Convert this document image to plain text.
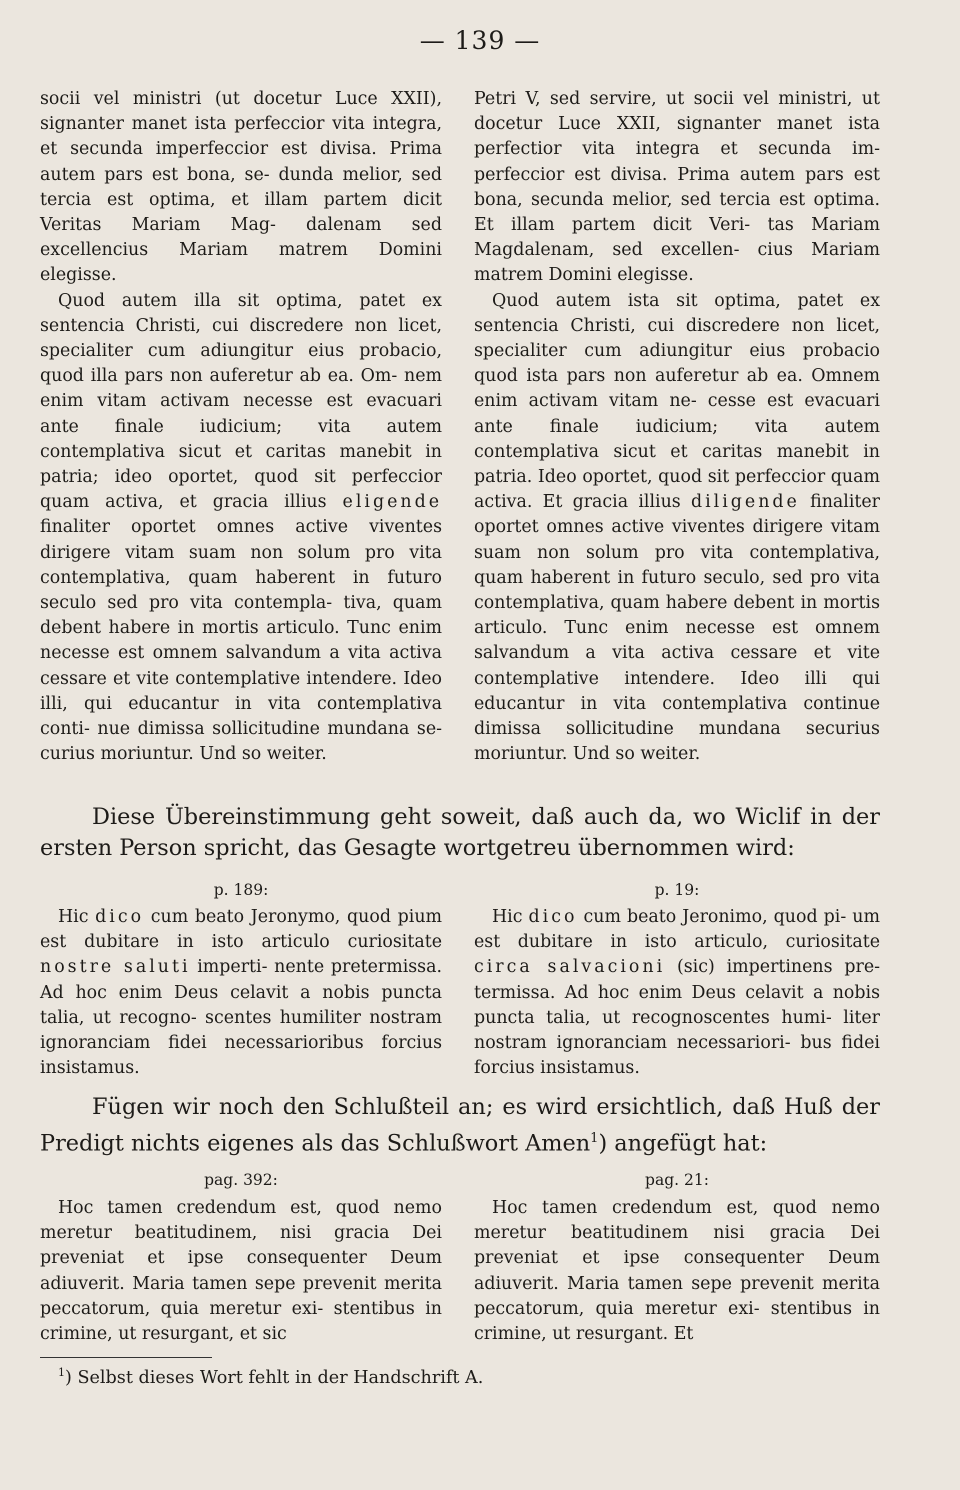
— 139 —

socii vel ministri (ut docetur Luce XXII), signanter manet ista perfeccior vita integra, et secunda imperfeccior est divisa. Prima autem pars est bona, se- dunda melior, sed tercia est optima, et illam partem dicit Veritas Mariam Mag- dalenam sed excellencius Mariam matrem Domini elegisse.

Quod autem illa sit optima, patet ex sentencia Christi, cui discredere non licet, specialiter cum adiungitur eius probacio, quod illa pars non auferetur ab ea. Om- nem enim vitam activam necesse est evacuari ante finale iudicium; vita autem contemplativa sicut et caritas manebit in patria; ideo oportet, quod sit perfeccior quam activa, et gracia illius eligende finaliter oportet omnes active viventes dirigere vitam suam non solum pro vita contemplativa, quam haberent in futuro seculo sed pro vita contempla- tiva, quam debent habere in mortis articulo. Tunc enim necesse est omnem salvandum a vita activa cessare et vite contemplative intendere. Ideo illi, qui educantur in vita contemplativa conti- nue dimissa sollicitudine mundana se- curius moriuntur. Und so weiter.

Petri V, sed servire, ut socii vel ministri, ut docetur Luce XXII, signanter manet ista perfectior vita integra et secunda im- perfeccior est divisa. Prima autem pars est bona, secunda melior, sed tercia est optima. Et illam partem dicit Veri- tas Mariam Magdalenam, sed excellen- cius Mariam matrem Domini elegisse.

Quod autem ista sit optima, patet ex sentencia Christi, cui discredere non licet, specialiter cum adiungitur eius probacio quod ista pars non auferetur ab ea. Omnem enim activam vitam ne- cesse est evacuari ante finale iudicium; vita autem contemplativa sicut et caritas manebit in patria. Ideo oportet, quod sit perfeccior quam activa. Et gracia illius diligende finaliter oportet omnes active viventes dirigere vitam suam non solum pro vita contemplativa, quam haberent in futuro seculo, sed pro vita contemplativa, quam habere debent in mortis articulo. Tunc enim necesse est omnem salvandum a vita activa cessare et vite contemplative intendere. Ideo illi qui educantur in vita contemplativa continue dimissa sollicitudine mundana securius moriuntur. Und so weiter.

Diese Übereinstimmung geht soweit, daß auch da, wo Wiclif in der ersten Person spricht, das Gesagte wortgetreu übernommen wird:

p. 189:	p. 19:

Hic dico cum beato Jeronymo, quod pium est dubitare in isto articulo curiositate nostre saluti imperti- nente pretermissa. Ad hoc enim Deus celavit a nobis puncta talia, ut recogno- scentes humiliter nostram ignoranciam fidei necessarioribus forcius insistamus.

Hic dico cum beato Jeronimo, quod pi- um est dubitare in isto articulo, curiositate circa salvacioni (sic) impertinens pre- termissa. Ad hoc enim Deus celavit a nobis puncta talia, ut recognoscentes humi- liter nostram ignoranciam necessariori- bus fidei forcius insistamus.

Fügen wir noch den Schlußteil an; es wird ersichtlich, daß Huß der Predigt nichts eigenes als das Schlußwort Amen$^1$) angefügt hat:

pag. 392:	pag. 21:

Hoc tamen credendum est, quod nemo meretur beatitudinem, nisi gracia Dei preveniat et ipse consequenter Deum adiuverit. Maria tamen sepe prevenit merita peccatorum, quia meretur exi- stentibus in crimine, ut resurgant, et sic

Hoc tamen credendum est, quod nemo meretur beatitudinem nisi gracia Dei preveniat et ipse consequenter Deum adiuverit. Maria tamen sepe prevenit merita peccatorum, quia meretur exi- stentibus in crimine, ut resurgant. Et

$^1$) Selbst dieses Wort fehlt in der Handschrift A.
